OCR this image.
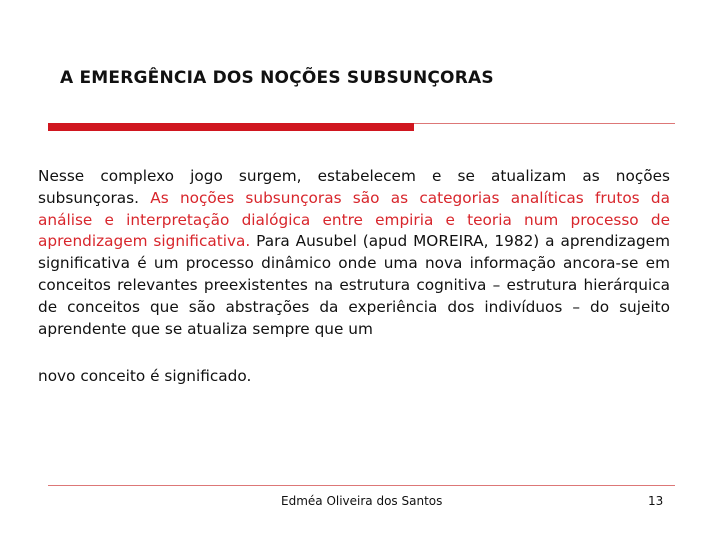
A EMERGÊNCIA DOS NOÇÕES SUBSUNÇORAS
Nesse complexo jogo surgem, estabelecem e se atualizam as noções subsunçoras. As noções subsunçoras são as categorias analíticas frutos da análise e interpretação dialógica entre empiria e teoria num processo de aprendizagem significativa. Para Ausubel (apud MOREIRA, 1982) a aprendizagem significativa é um processo dinâmico onde uma nova informação ancora-se em conceitos relevantes preexistentes na estrutura cognitiva – estrutura hierárquica de conceitos que são abstrações da experiência dos indivíduos – do sujeito aprendente que se atualiza sempre que um
novo conceito é significado.
Edméa Oliveira dos Santos	13
